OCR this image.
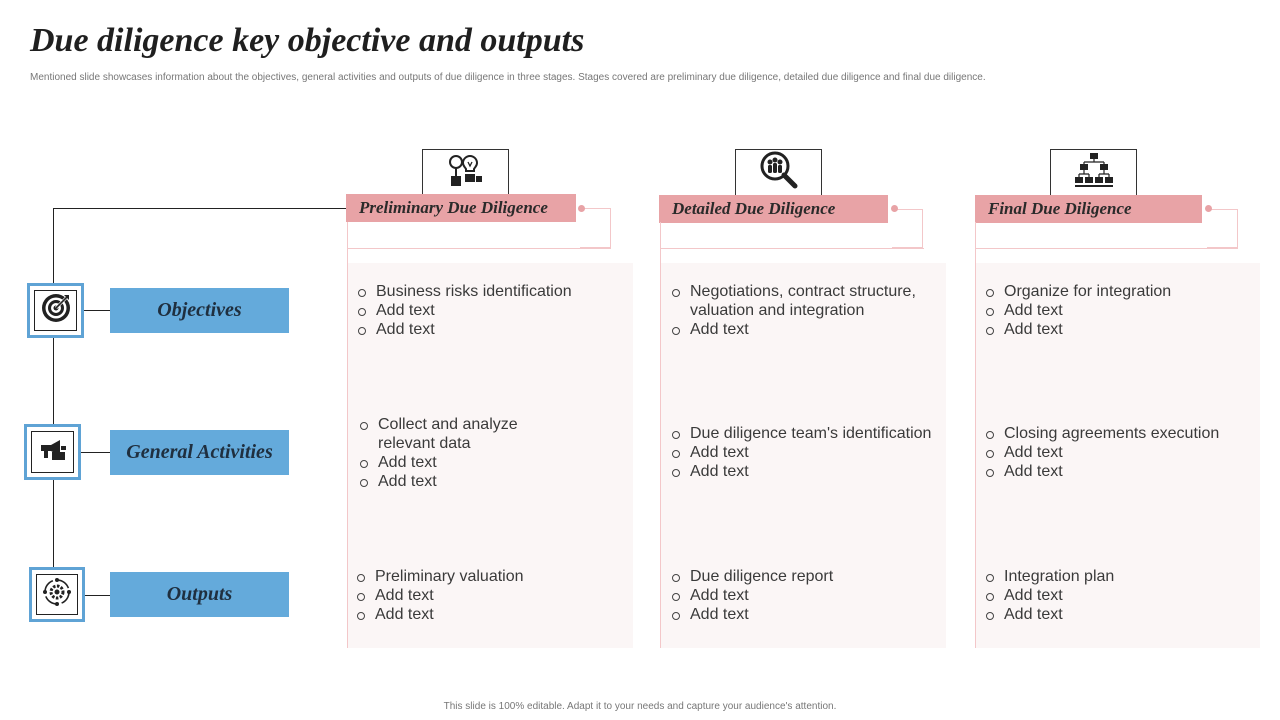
Due diligence key objective and outputs
Mentioned slide showcases information about the objectives, general activities and outputs of due diligence in three stages. Stages covered are preliminary due diligence, detailed due diligence and final due diligence.
Objectives
General Activities
Outputs
Preliminary Due Diligence
Business risks identification
Add text
Add text
Collect and analyze relevant data
Add text
Add text
Preliminary valuation
Add text
Add text
Detailed Due Diligence
Negotiations, contract structure, valuation and integration
Add text
Due diligence team's identification
Add text
Add text
Due diligence report
Add text
Add text
Final Due Diligence
Organize for integration
Add text
Add text
Closing agreements execution
Add text
Add text
Integration plan
Add text
Add text
This slide is 100% editable. Adapt it to your needs and capture your audience's attention.
